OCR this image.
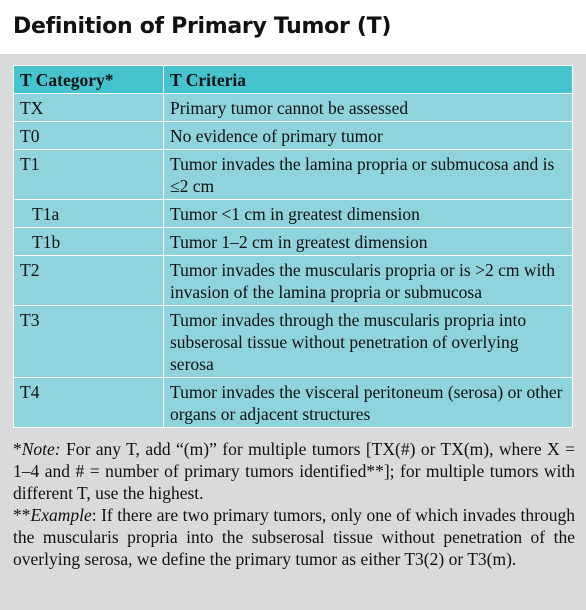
Definition of Primary Tumor (T)
T Category*	T Criteria
TX	Primary tumor cannot be assessed
T0	No evidence of primary tumor
T1	Tumor invades the lamina propria or submucosa and is ≤2 cm
T1a	Tumor <1 cm in greatest dimension
T1b	Tumor 1–2 cm in greatest dimension
T2	Tumor invades the muscularis propria or is >2 cm with invasion of the lamina propria or submucosa
T3	Tumor invades through the muscularis propria into subserosal tissue without penetration of overlying serosa
T4	Tumor invades the visceral peritoneum (serosa) or other organs or adjacent structures

*Note: For any T, add “(m)” for multiple tumors [TX(#) or TX(m), where X = 1–4 and # = number of primary tumors identified**]; for multiple tumors with different T, use the highest.

**Example: If there are two primary tumors, only one of which invades through the muscularis propria into the subserosal tissue without penetration of the overlying serosa, we define the primary tumor as either T3(2) or T3(m).
